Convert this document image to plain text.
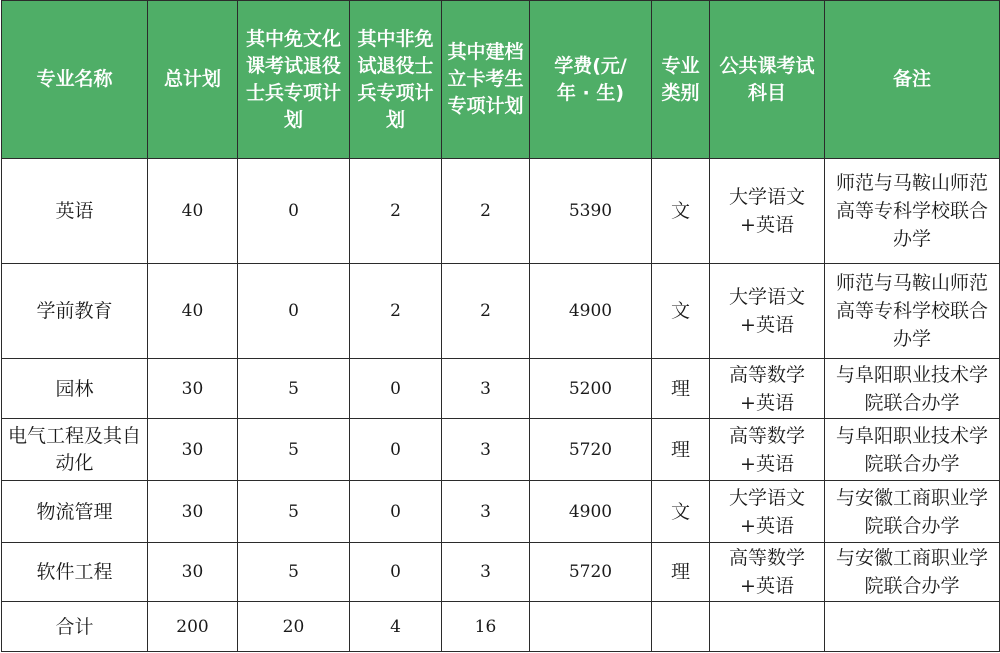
专业名称	总计划	其中免文化课考试退役士兵专项计划	其中非免试退役士兵专项计划	其中建档立卡考生专项计划	学费(元/年 · 生)	专业类别	公共课考试科目	备注
英语	40	0	2	2	5390	文	大学语文+英语	师范与马鞍山师范高等专科学校联合办学
学前教育	40	0	2	2	4900	文	大学语文+英语	师范与马鞍山师范高等专科学校联合办学
园林	30	5	0	3	5200	理	高等数学+英语	与阜阳职业技术学院联合办学
电气工程及其自动化	30	5	0	3	5720	理	高等数学+英语	与阜阳职业技术学院联合办学
物流管理	30	5	0	3	4900	文	大学语文+英语	与安徽工商职业学院联合办学
软件工程	30	5	0	3	5720	理	高等数学+英语	与安徽工商职业学院联合办学
合计	200	20	4	16				
